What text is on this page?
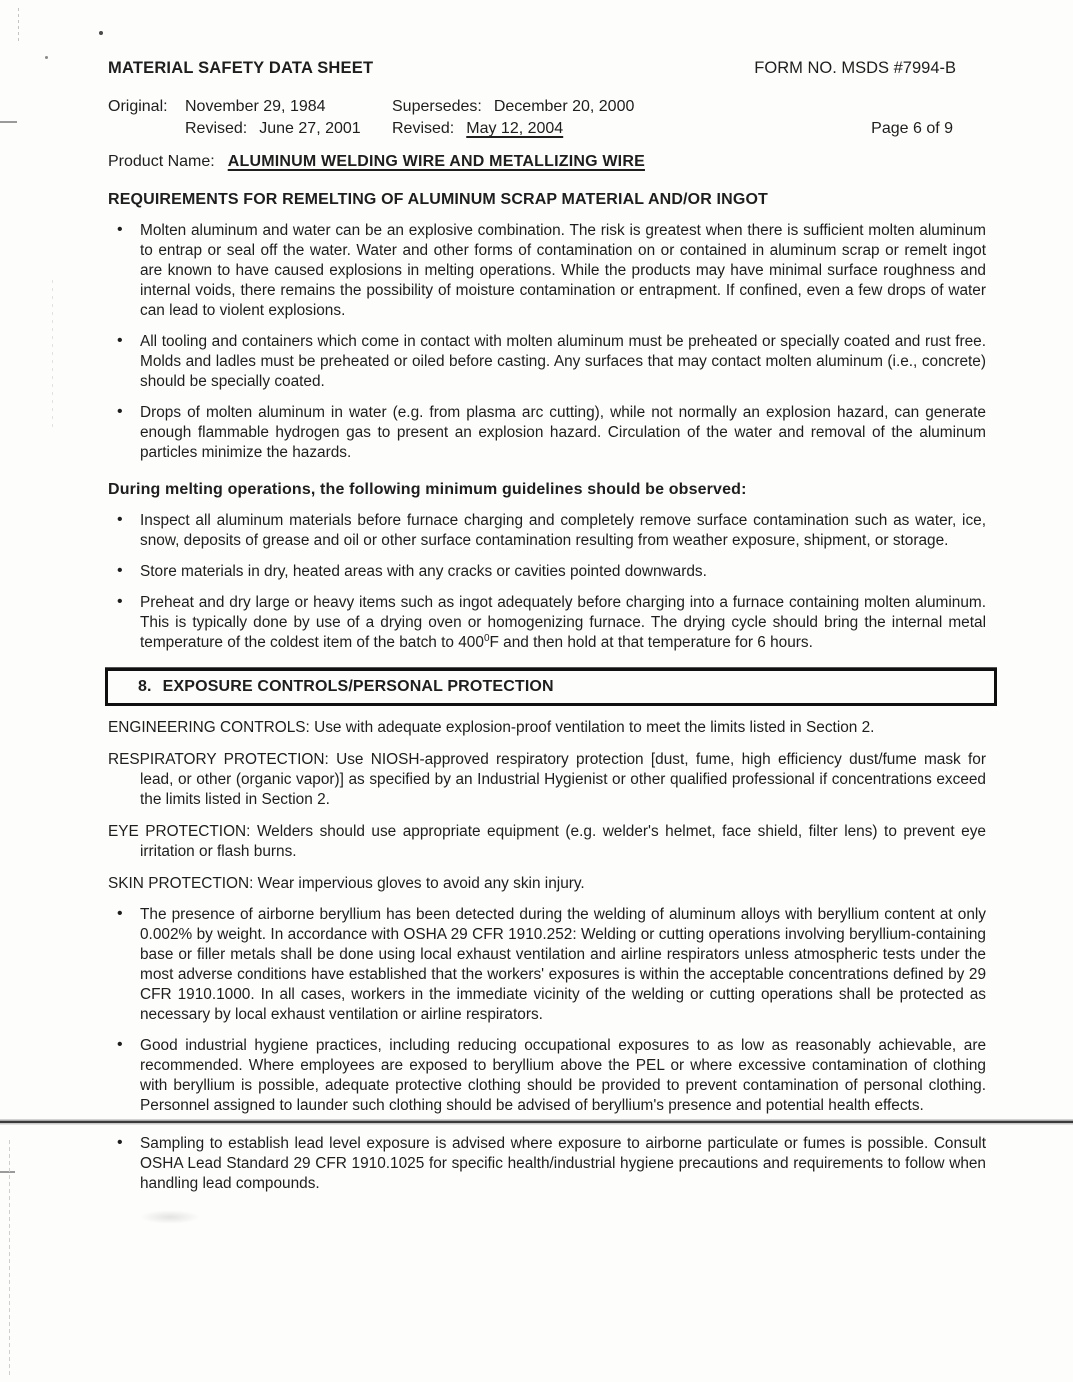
MATERIAL SAFETY DATA SHEET	FORM NO. MSDS #7994-B
Original:	November 29, 1984	Supersedes: December 20, 2000
Revised: June 27, 2001	Revised: May 12, 2004	Page 6 of 9
Product Name: ALUMINUM WELDING WIRE AND METALLIZING WIRE
REQUIREMENTS FOR REMELTING OF ALUMINUM SCRAP MATERIAL AND/OR INGOT
• Molten aluminum and water can be an explosive combination. The risk is greatest when there is sufficient molten aluminum to entrap or seal off the water. Water and other forms of contamination on or contained in aluminum scrap or remelt ingot are known to have caused explosions in melting operations. While the products may have minimal surface roughness and internal voids, there remains the possibility of moisture contamination or entrapment. If confined, even a few drops of water can lead to violent explosions.
• All tooling and containers which come in contact with molten aluminum must be preheated or specially coated and rust free. Molds and ladles must be preheated or oiled before casting. Any surfaces that may contact molten aluminum (i.e., concrete) should be specially coated.
• Drops of molten aluminum in water (e.g. from plasma arc cutting), while not normally an explosion hazard, can generate enough flammable hydrogen gas to present an explosion hazard. Circulation of the water and removal of the aluminum particles minimize the hazards.
During melting operations, the following minimum guidelines should be observed:
• Inspect all aluminum materials before furnace charging and completely remove surface contamination such as water, ice, snow, deposits of grease and oil or other surface contamination resulting from weather exposure, shipment, or storage.
• Store materials in dry, heated areas with any cracks or cavities pointed downwards.
• Preheat and dry large or heavy items such as ingot adequately before charging into a furnace containing molten aluminum. This is typically done by use of a drying oven or homogenizing furnace. The drying cycle should bring the internal metal temperature of the coldest item of the batch to $400^0F$ and then hold at that temperature for 6 hours.
8. EXPOSURE CONTROLS/PERSONAL PROTECTION
ENGINEERING CONTROLS: Use with adequate explosion-proof ventilation to meet the limits listed in Section 2.
RESPIRATORY PROTECTION: Use NIOSH-approved respiratory protection [dust, fume, high efficiency dust/fume mask for lead, or other (organic vapor)] as specified by an Industrial Hygienist or other qualified professional if concentrations exceed the limits listed in Section 2.
EYE PROTECTION: Welders should use appropriate equipment (e.g. welder's helmet, face shield, filter lens) to prevent eye irritation or flash burns.
SKIN PROTECTION: Wear impervious gloves to avoid any skin injury.
• The presence of airborne beryllium has been detected during the welding of aluminum alloys with beryllium content at only 0.002% by weight. In accordance with OSHA 29 CFR 1910.252: Welding or cutting operations involving beryllium-containing base or filler metals shall be done using local exhaust ventilation and airline respirators unless atmospheric tests under the most adverse conditions have established that the workers' exposures is within the acceptable concentrations defined by 29 CFR 1910.1000. In all cases, workers in the immediate vicinity of the welding or cutting operations shall be protected as necessary by local exhaust ventilation or airline respirators.
• Good industrial hygiene practices, including reducing occupational exposures to as low as reasonably achievable, are recommended. Where employees are exposed to beryllium above the PEL or where excessive contamination of clothing with beryllium is possible, adequate protective clothing should be provided to prevent contamination of personal clothing. Personnel assigned to launder such clothing should be advised of beryllium's presence and potential health effects.
• Sampling to establish lead level exposure is advised where exposure to airborne particulate or fumes is possible. Consult OSHA Lead Standard 29 CFR 1910.1025 for specific health/industrial hygiene precautions and requirements to follow when handling lead compounds.
